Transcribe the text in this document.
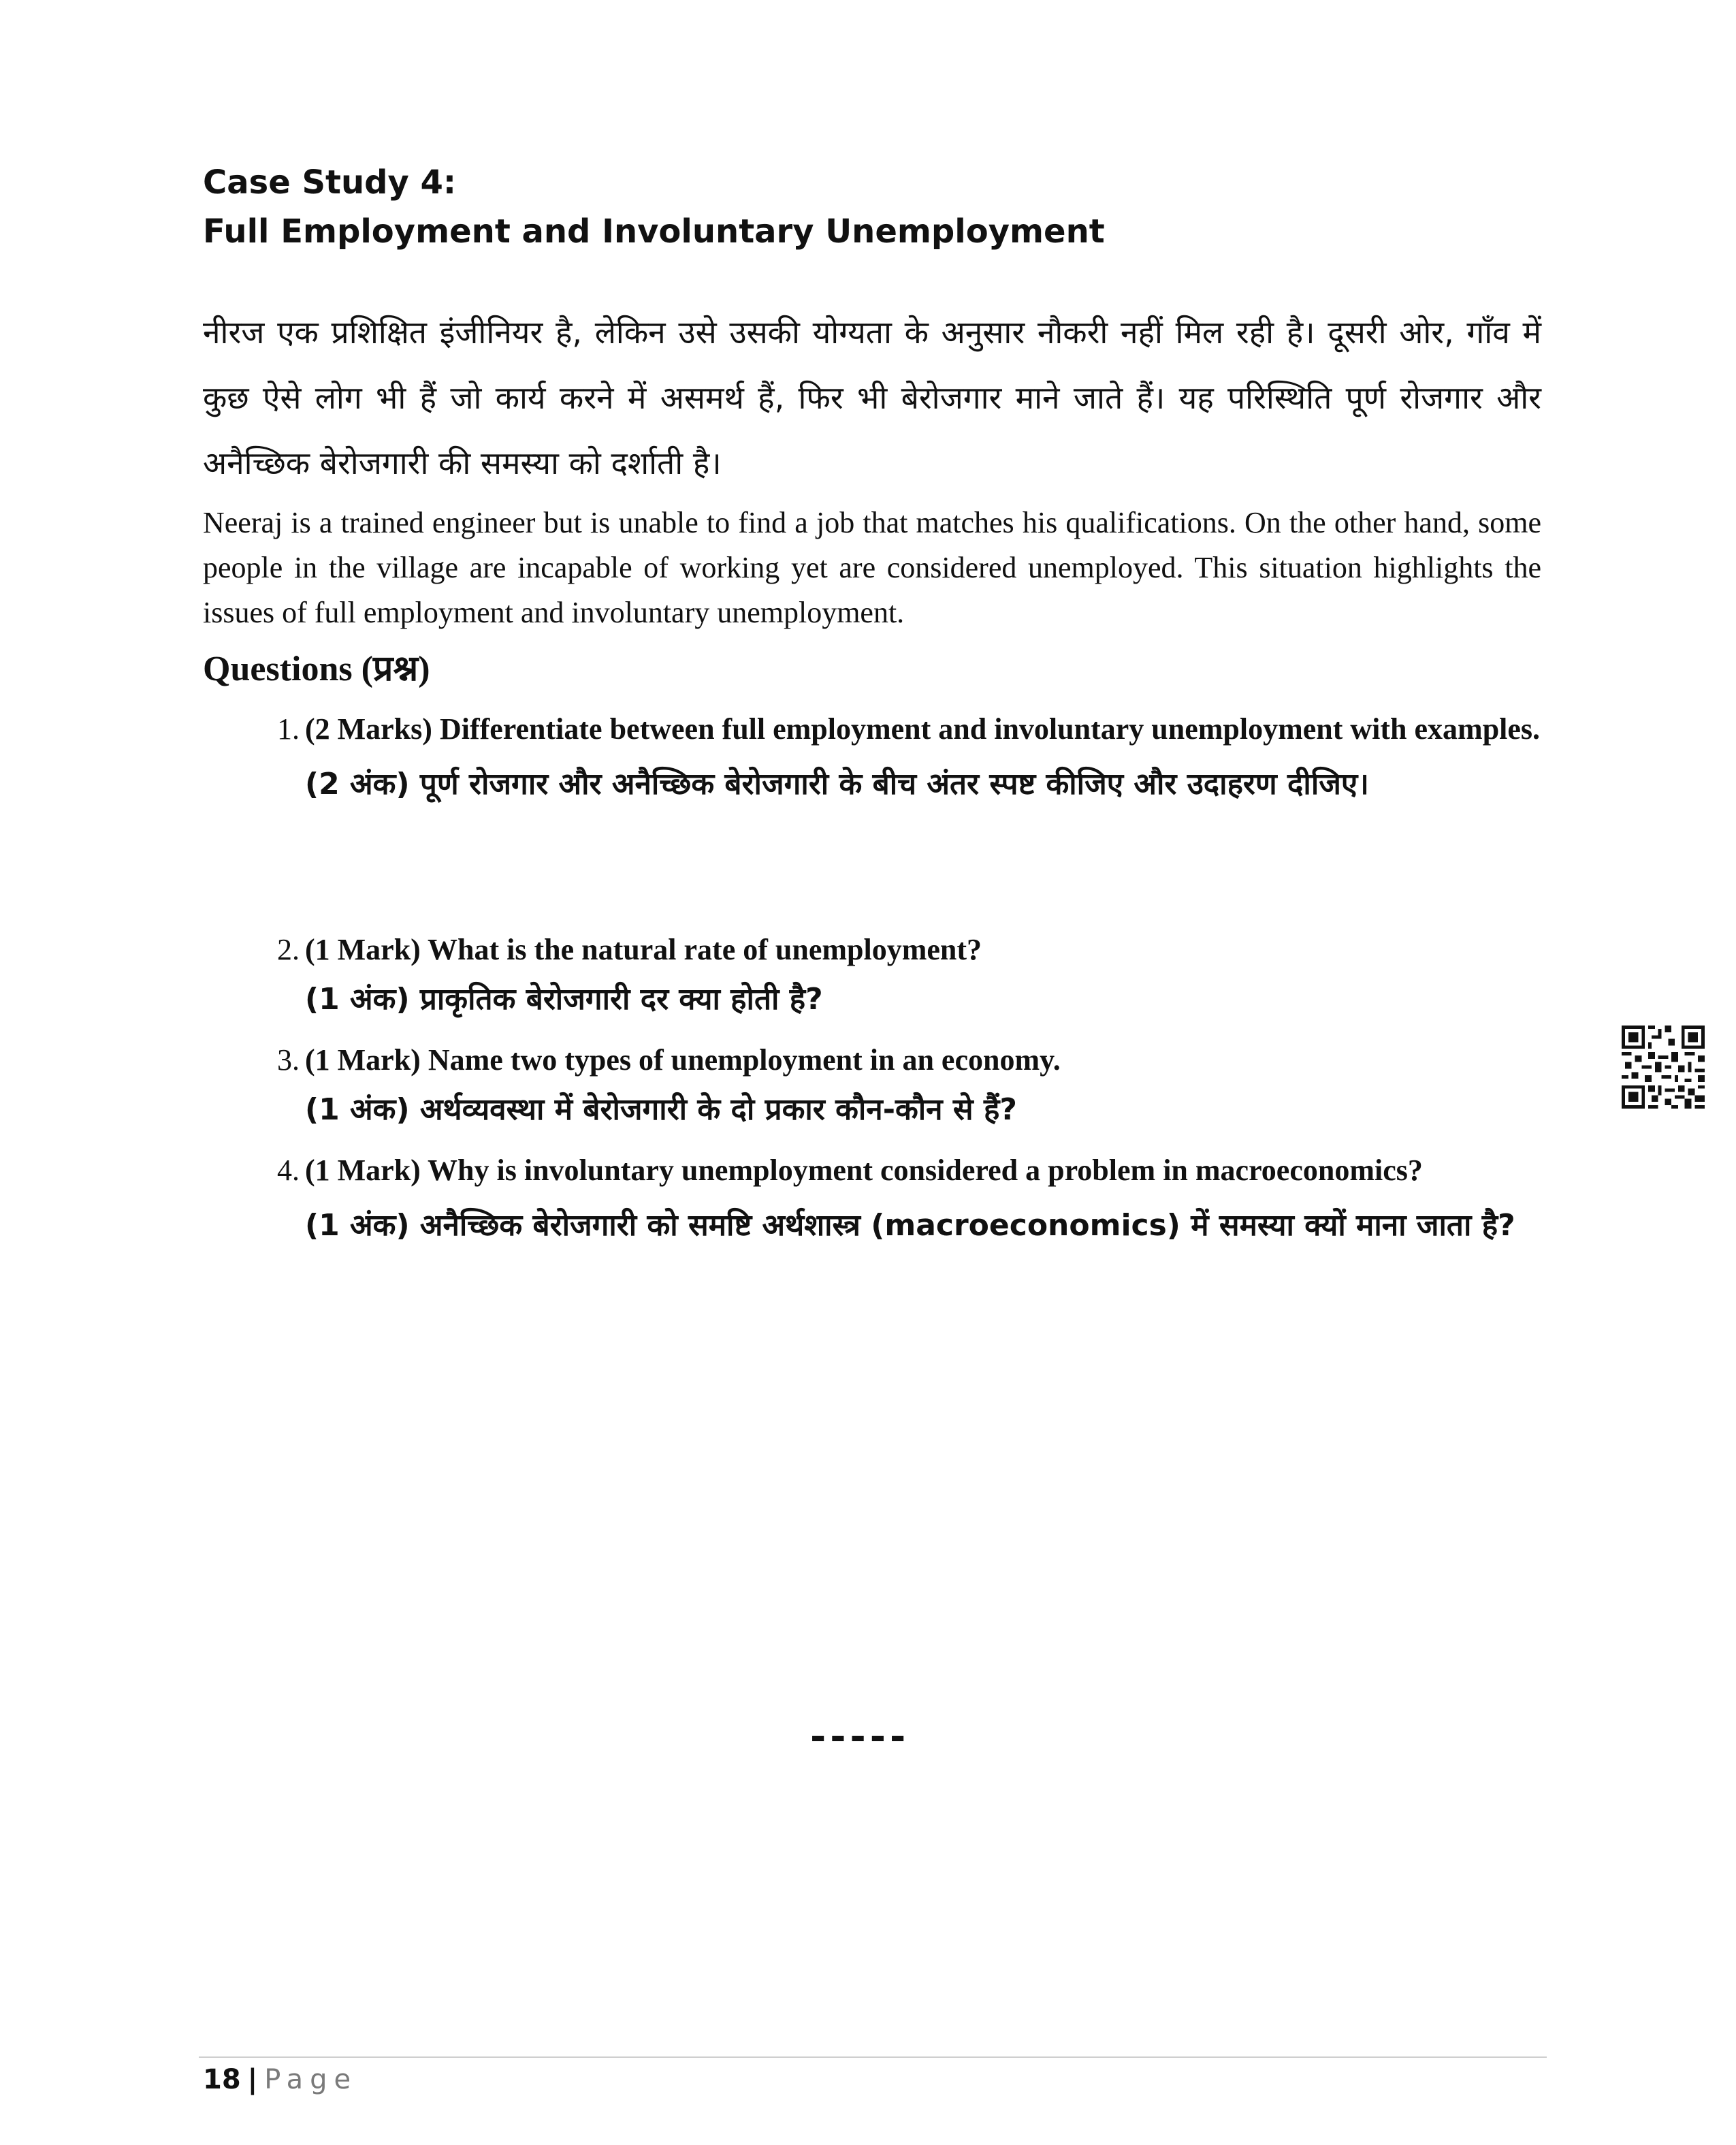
Case Study 4:
Full Employment and Involuntary Unemployment
नीरज एक प्रशिक्षित इंजीनियर है, लेकिन उसे उसकी योग्यता के अनुसार नौकरी नहीं मिल रही है। दूसरी ओर, गाँव में कुछ ऐसे लोग भी हैं जो कार्य करने में असमर्थ हैं, फिर भी बेरोजगार माने जाते हैं। यह परिस्थिति पूर्ण रोजगार और अनैच्छिक बेरोजगारी की समस्या को दर्शाती है।
Neeraj is a trained engineer but is unable to find a job that matches his qualifications. On the other hand, some people in the village are incapable of working yet are considered unemployed. This situation highlights the issues of full employment and involuntary unemployment.
Questions (प्रश्न)
1. (2 Marks) Differentiate between full employment and involuntary unemployment with examples.
(2 अंक) पूर्ण रोजगार और अनैच्छिक बेरोजगारी के बीच अंतर स्पष्ट कीजिए और उदाहरण दीजिए।
2. (1 Mark) What is the natural rate of unemployment?
(1 अंक) प्राकृतिक बेरोजगारी दर क्या होती है?
3. (1 Mark) Name two types of unemployment in an economy.
(1 अंक) अर्थव्यवस्था में बेरोजगारी के दो प्रकार कौन-कौन से हैं?
4. (1 Mark) Why is involuntary unemployment considered a problem in macroeconomics?
(1 अंक) अनैच्छिक बेरोजगारी को समष्टि अर्थशास्त्र (macroeconomics) में समस्या क्यों माना जाता है?
-----
18 | Page
